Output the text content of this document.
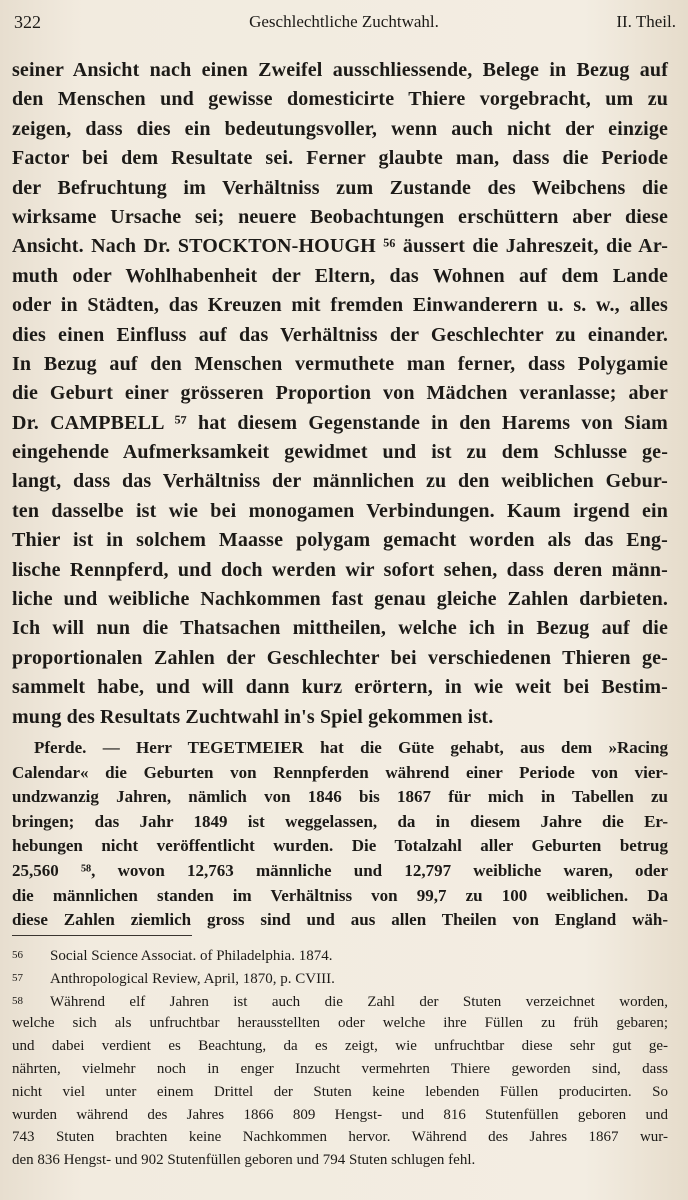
322	Geschlechtliche Zuchtwahl.	II. Theil.
seiner Ansicht nach einen Zweifel ausschliessende, Belege in Bezug auf
den Menschen und gewisse domesticirte Thiere vorgebracht, um zu
zeigen, dass dies ein bedeutungsvoller, wenn auch nicht der einzige
Factor bei dem Resultate sei. Ferner glaubte man, dass die Periode
der Befruchtung im Verhältniss zum Zustande des Weibchens die
wirksame Ursache sei; neuere Beobachtungen erschüttern aber diese
Ansicht. Nach Dr. STOCKTON-HOUGH ⁵⁶ äussert die Jahreszeit, die Ar-
muth oder Wohlhabenheit der Eltern, das Wohnen auf dem Lande
oder in Städten, das Kreuzen mit fremden Einwanderern u. s. w., alles
dies einen Einfluss auf das Verhältniss der Geschlechter zu einander.
In Bezug auf den Menschen vermuthete man ferner, dass Polygamie
die Geburt einer grösseren Proportion von Mädchen veranlasse; aber
Dr. CAMPBELL ⁵⁷ hat diesem Gegenstande in den Harems von Siam
eingehende Aufmerksamkeit gewidmet und ist zu dem Schlusse ge-
langt, dass das Verhältniss der männlichen zu den weiblichen Gebur-
ten dasselbe ist wie bei monogamen Verbindungen. Kaum irgend ein
Thier ist in solchem Maasse polygam gemacht worden als das Eng-
lische Rennpferd, und doch werden wir sofort sehen, dass deren männ-
liche und weibliche Nachkommen fast genau gleiche Zahlen darbieten.
Ich will nun die Thatsachen mittheilen, welche ich in Bezug auf die
proportionalen Zahlen der Geschlechter bei verschiedenen Thieren ge-
sammelt habe, und will dann kurz erörtern, in wie weit bei Bestim-
mung des Resultats Zuchtwahl in's Spiel gekommen ist.
Pferde. — Herr TEGETMEIER hat die Güte gehabt, aus dem »Racing
Calendar« die Geburten von Rennpferden während einer Periode von vier-
undzwanzig Jahren, nämlich von 1846 bis 1867 für mich in Tabellen zu
bringen; das Jahr 1849 ist weggelassen, da in diesem Jahre die Er-
hebungen nicht veröffentlicht wurden. Die Totalzahl aller Geburten betrug
25,560 ⁵⁸, wovon 12,763 männliche und 12,797 weibliche waren, oder
die männlichen standen im Verhältniss von 99,7 zu 100 weiblichen. Da
diese Zahlen ziemlich gross sind und aus allen Theilen von England wäh-
56 Social Science Associat. of Philadelphia. 1874.
57 Anthropological Review, April, 1870, p. CVIII.
58 Während elf Jahren ist auch die Zahl der Stuten verzeichnet worden,
welche sich als unfruchtbar herausstellten oder welche ihre Füllen zu früh gebaren;
und dabei verdient es Beachtung, da es zeigt, wie unfruchtbar diese sehr gut ge-
nährten, vielmehr noch in enger Inzucht vermehrten Thiere geworden sind, dass
nicht viel unter einem Drittel der Stuten keine lebenden Füllen producirten. So
wurden während des Jahres 1866 809 Hengst- und 816 Stutenfüllen geboren und
743 Stuten brachten keine Nachkommen hervor. Während des Jahres 1867 wur-
den 836 Hengst- und 902 Stutenfüllen geboren und 794 Stuten schlugen fehl.
